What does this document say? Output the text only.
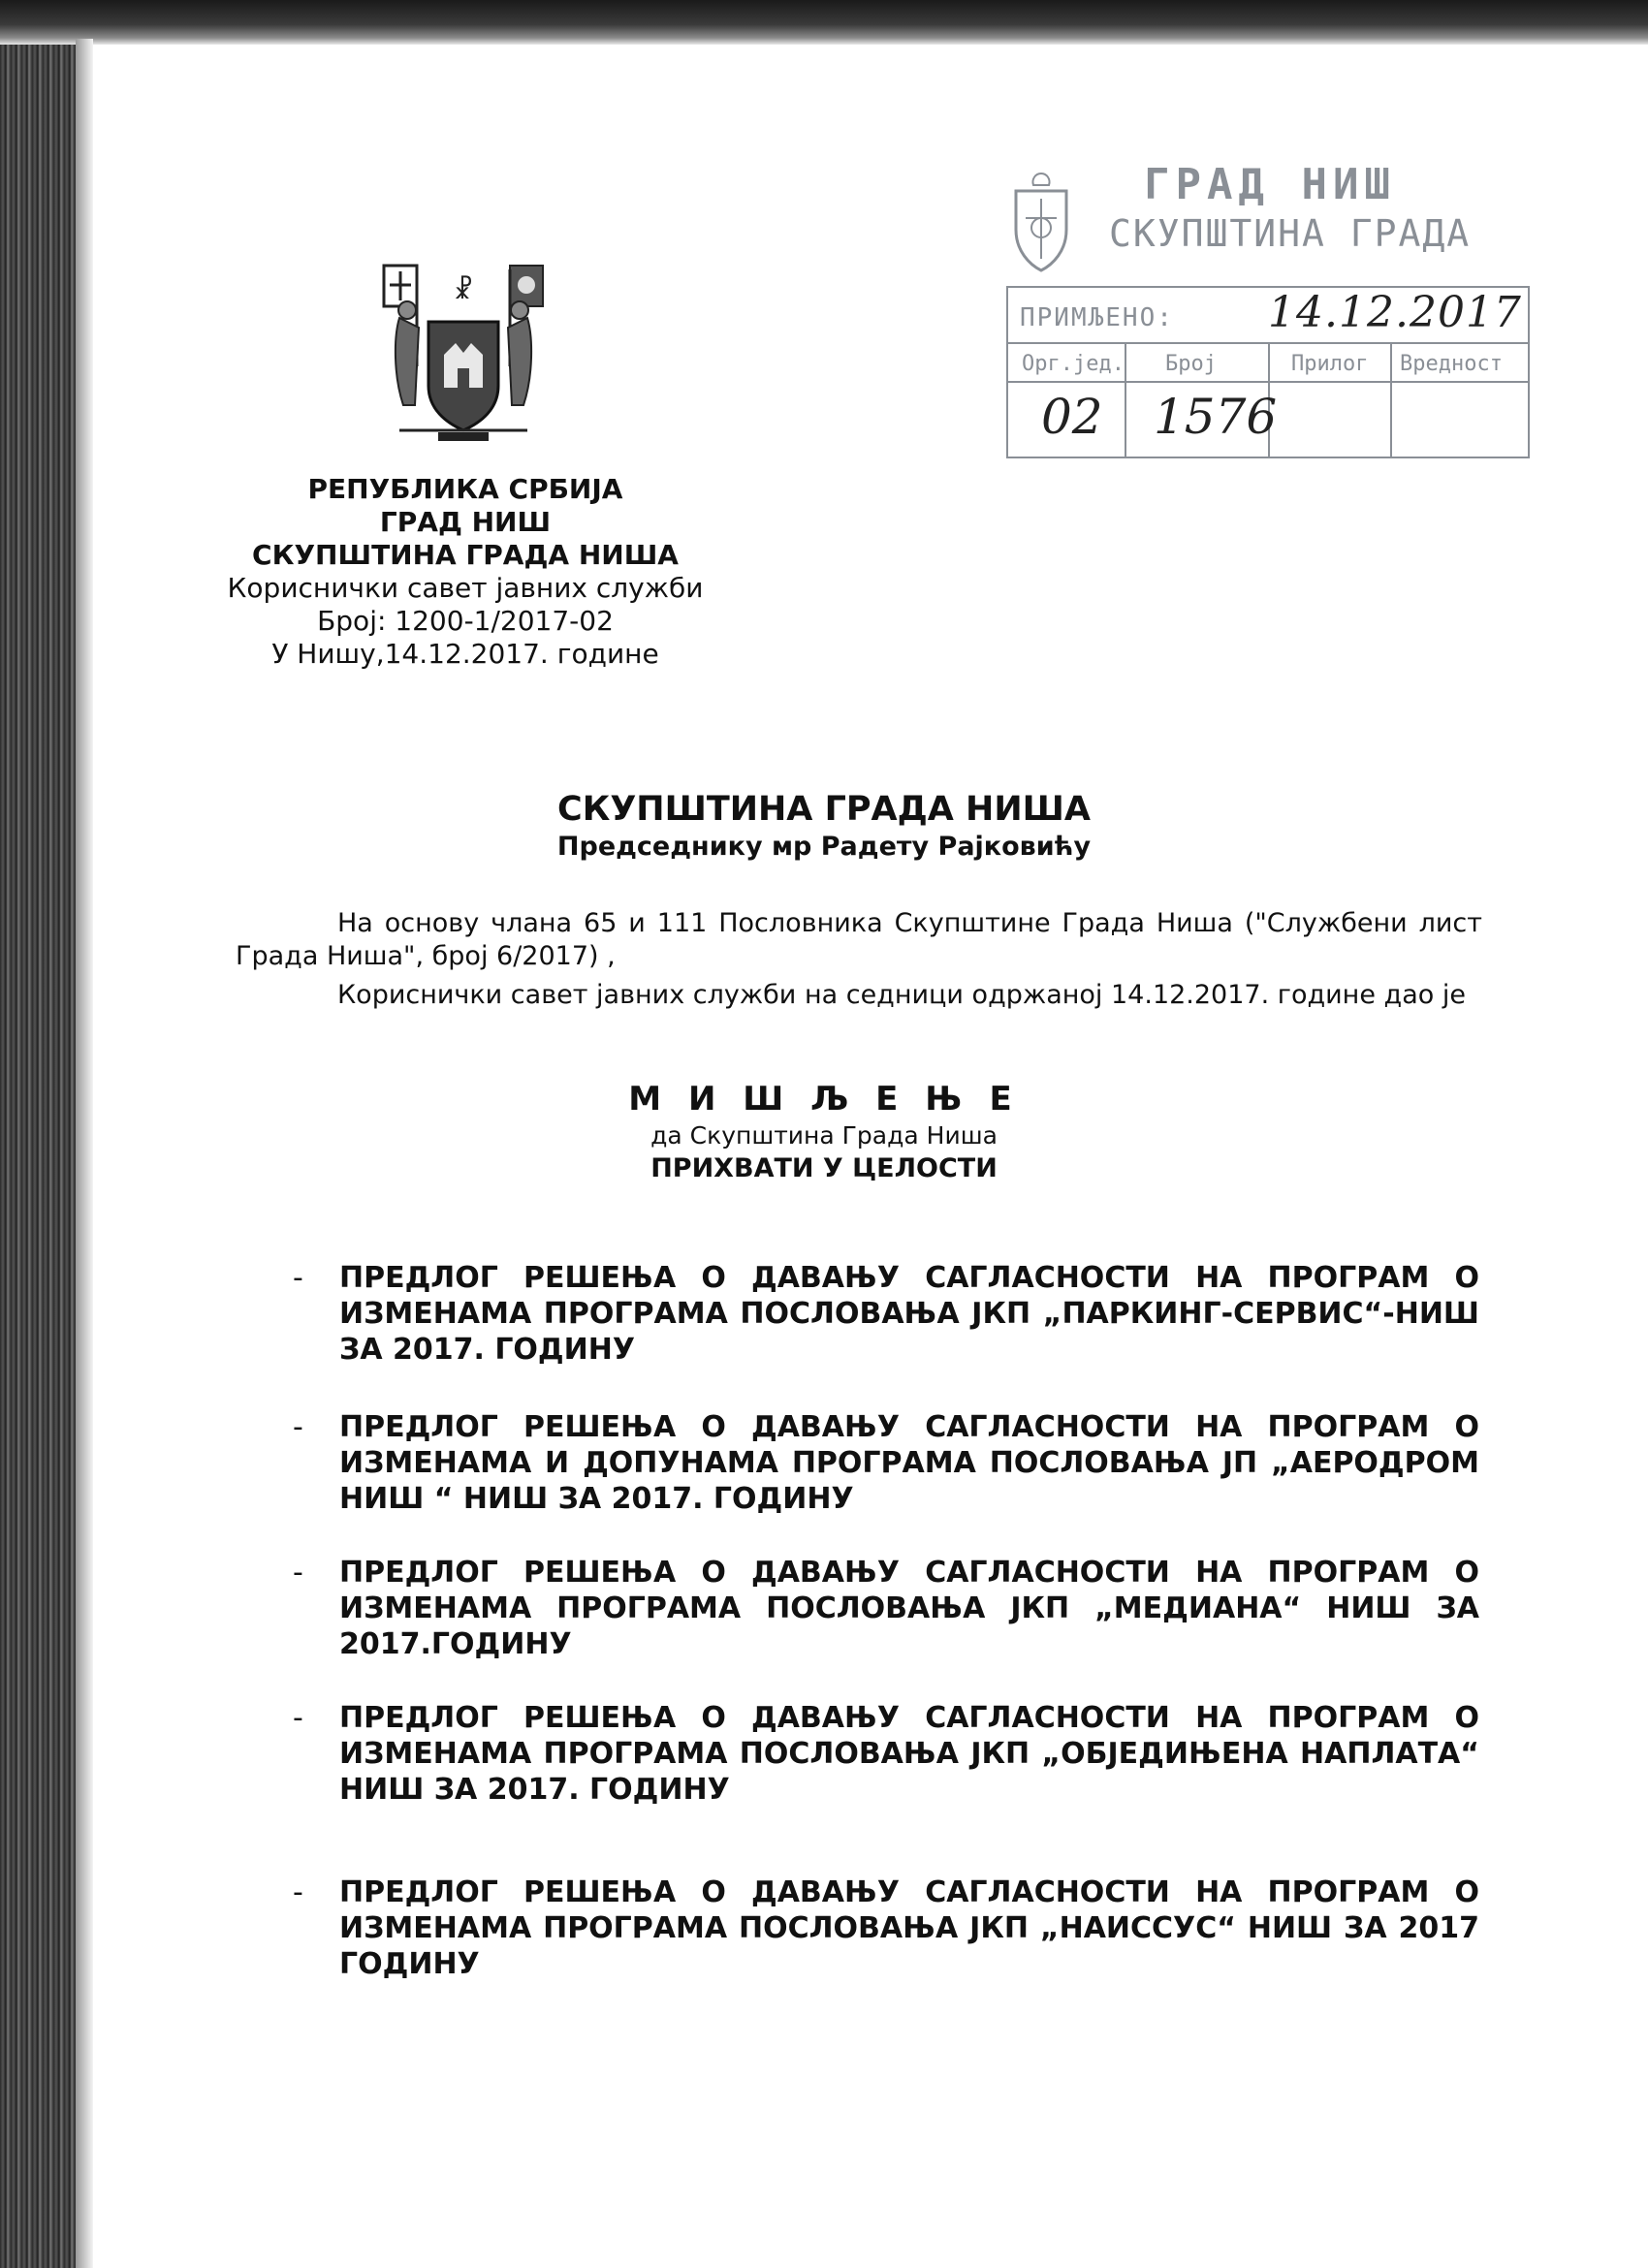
ГРАД НИШ
СКУПШТИНА ГРАДА
ПРИМЉЕНО: 14.12.2017
Орг.јед. Број	Прилог Вредност
02 1576
☧
РЕПУБЛИКА СРБИЈА
ГРАД НИШ
СКУПШТИНА ГРАДА НИША
Кориснички савет јавних служби
Број: 1200-1/2017-02
У Нишу,14.12.2017. године
СКУПШТИНА ГРАДА НИША
Председнику мр Радету Рајковићу
На основу члана 65 и 111 Пословника Скупштине Града Ниша ("Службени лист Града Ниша", број 6/2017) ,
Кориснички савет јавних служби на седници одржаној 14.12.2017. године дао је
М И Ш Љ Е Њ Е
да Скупштина Града Ниша
ПРИХВАТИ У ЦЕЛОСТИ
- ПРЕДЛОГ РЕШЕЊА О ДАВАЊУ САГЛАСНОСТИ НА ПРОГРАМ О ИЗМЕНАМА ПРОГРАМА ПОСЛОВАЊА ЈКП „ПАРКИНГ-СЕРВИС“-НИШ ЗА 2017. ГОДИНУ
- ПРЕДЛОГ РЕШЕЊА О ДАВАЊУ САГЛАСНОСТИ НА ПРОГРАМ О ИЗМЕНАМА И ДОПУНАМА ПРОГРАМА ПОСЛОВАЊА ЈП „АЕРОДРОМ НИШ “ НИШ ЗА 2017. ГОДИНУ
- ПРЕДЛОГ РЕШЕЊА О ДАВАЊУ САГЛАСНОСТИ НА ПРОГРАМ О ИЗМЕНАМА ПРОГРАМА ПОСЛОВАЊА ЈКП „МЕДИАНА“ НИШ ЗА 2017.ГОДИНУ
- ПРЕДЛОГ РЕШЕЊА О ДАВАЊУ САГЛАСНОСТИ НА ПРОГРАМ О ИЗМЕНАМА ПРОГРАМА ПОСЛОВАЊА ЈКП „ОБЈЕДИЊЕНА НАПЛАТА“ НИШ ЗА 2017. ГОДИНУ
- ПРЕДЛОГ РЕШЕЊА О ДАВАЊУ САГЛАСНОСТИ НА ПРОГРАМ О ИЗМЕНАМА ПРОГРАМА ПОСЛОВАЊА ЈКП „НАИССУС“ НИШ ЗА 2017 ГОДИНУ
